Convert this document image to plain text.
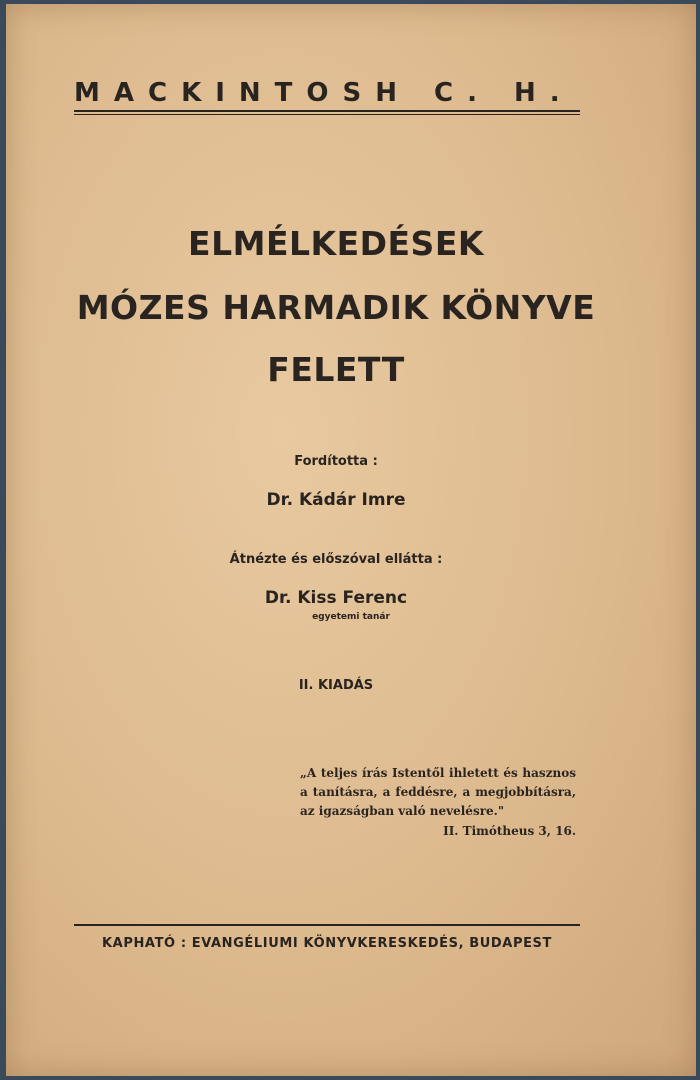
MACKINTOSH C. H.
ELMÉLKEDÉSEK
MÓZES HARMADIK KÖNYVE
FELETT
Fordította :
Dr. Kádár Imre
Átnézte és előszóval ellátta :
Dr. Kiss Ferenc
egyetemi tanár
II. KIADÁS
„A teljes írás Istentől ihletett és hasznos a tanításra, a feddésre, a megjobbításra, az igazságban való nevelésre."
II. Timótheus 3, 16.
KAPHATÓ : EVANGÉLIUMI KÖNYVKERESKEDÉS, BUDAPEST
